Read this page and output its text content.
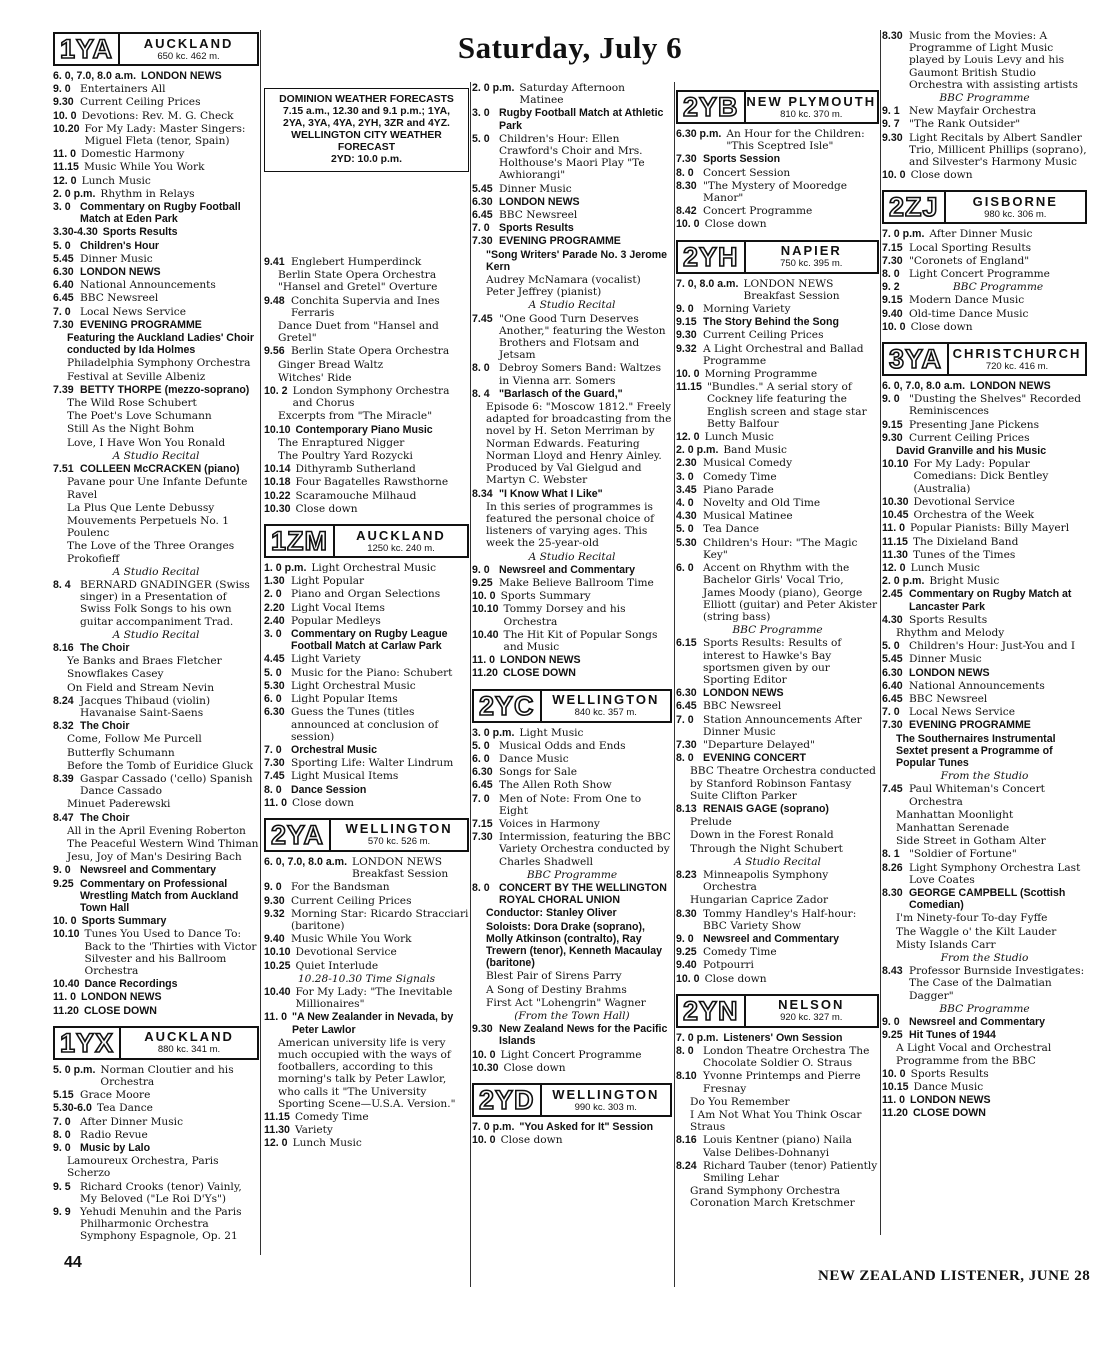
Saturday, July 6
1YA	AUCKLAND
650 kc. 462 m.
6. 0, 7.0, 8.0 a.m. LONDON NEWS
9. 0 Entertainers All
9.30 Current Ceiling Prices
10. 0 Devotions: Rev. M. G. Check
10.20 For My Lady: Master Singers: Miguel Fleta (tenor, Spain)
11. 0 Domestic Harmony
11.15 Music While You Work
12. 0 Lunch Music
2. 0 p.m. Rhythm in Relays
3. 0 Commentary on Rugby Football Match at Eden Park
3.30-4.30 Sports Results
5. 0 Children's Hour
5.45 Dinner Music
6.30 LONDON NEWS
6.40 National Announcements
6.45 BBC Newsreel
7. 0 Local News Service
7.30 EVENING PROGRAMME
Featuring the Auckland Ladies' Choir conducted by Ida Holmes
Philadelphia Symphony Orchestra
Festival at Seville Albeniz
7.39 BETTY THORPE (mezzo-soprano)
The Wild Rose Schubert
The Poet's Love Schumann
Still As the Night Bohm
Love, I Have Won You Ronald
A Studio Recital
7.51 COLLEEN McCRACKEN (piano)
Pavane pour Une Infante Defunte Ravel
La Plus Que Lente Debussy
Mouvements Perpetuels No. 1 Poulenc
The Love of the Three Oranges Prokofieff
A Studio Recital
8. 4 BERNARD GNADINGER (Swiss singer) in a Presentation of Swiss Folk Songs to his own guitar accompaniment Trad.
A Studio Recital
8.16 The Choir
Ye Banks and Braes Fletcher
Snowflakes Casey
On Field and Stream Nevin
8.24 Jacques Thibaud (violin) Havanaise Saint-Saens
8.32 The Choir
Come, Follow Me Purcell
Butterfly Schumann
Before the Tomb of Euridice Gluck
8.39 Gaspar Cassado ('cello) Spanish Dance Cassado
Minuet Paderewski
8.47 The Choir
All in the April Evening Roberton
The Peaceful Western Wind Thiman
Jesu, Joy of Man's Desiring Bach
9. 0 Newsreel and Commentary
9.25 Commentary on Professional Wrestling Match from Auckland Town Hall
10. 0 Sports Summary
10.10 Tunes You Used to Dance To: Back to the 'Thirties with Victor Silvester and his Ballroom Orchestra
10.40 Dance Recordings
11. 0 LONDON NEWS
11.20 CLOSE DOWN
1YX	AUCKLAND
880 kc. 341 m.
5. 0 p.m. Norman Cloutier and his Orchestra
5.15 Grace Moore
5.30-6.0 Tea Dance
7. 0 After Dinner Music
8. 0 Radio Revue
9. 0 Music by Lalo
Lamoureux Orchestra, Paris Scherzo
9. 5 Richard Crooks (tenor) Vainly, My Beloved ("Le Roi D'Ys")
9. 9 Yehudi Menuhin and the Paris Philharmonic Orchestra Symphony Espagnole, Op. 21
DOMINION WEATHER FORECASTS
7.15 a.m., 12.30 and 9.1 p.m.; 1YA, 2YA, 3YA, 4YA, 2YH, 3ZR and 4YZ.
WELLINGTON CITY WEATHER FORECAST
2YD: 10.0 p.m.
9.41 Englebert Humperdinck
Berlin State Opera Orchestra "Hansel and Gretel" Overture
9.48 Conchita Supervia and Ines Ferraris
Dance Duet from "Hansel and Gretel"
9.56 Berlin State Opera Orchestra
Ginger Bread Waltz
Witches' Ride
10. 2 London Symphony Orchestra and Chorus
Excerpts from "The Miracle"
10.10 Contemporary Piano Music
The Enraptured Nigger
The Poultry Yard Rozycki
10.14 Dithyramb Sutherland
10.18 Four Bagatelles Rawsthorne
10.22 Scaramouche Milhaud
10.30 Close down
1ZM	AUCKLAND
1250 kc. 240 m.
1. 0 p.m. Light Orchestral Music
1.30 Light Popular
2. 0 Piano and Organ Selections
2.20 Light Vocal Items
2.40 Popular Medleys
3. 0 Commentary on Rugby League Football Match at Carlaw Park
4.45 Light Variety
5. 0 Music for the Piano: Schubert
5.30 Light Orchestral Music
6. 0 Light Popular Items
6.30 Guess the Tunes (titles announced at conclusion of session)
7. 0 Orchestral Music
7.30 Sporting Life: Walter Lindrum
7.45 Light Musical Items
8. 0 Dance Session
11. 0 Close down
2YA	WELLINGTON
570 kc. 526 m.
6. 0, 7.0, 8.0 a.m. LONDON NEWS Breakfast Session
9. 0 For the Bandsman
9.30 Current Ceiling Prices
9.32 Morning Star: Ricardo Stracciari (baritone)
9.40 Music While You Work
10.10 Devotional Service
10.25 Quiet Interlude
10.28-10.30 Time Signals
10.40 For My Lady: "The Inevitable Millionaires"
11. 0 "A New Zealander in Nevada, by Peter Lawlor
American university life is very much occupied with the ways of footballers, according to this morning's talk by Peter Lawlor, who calls it "The University Sporting Scene—U.S.A. Version."
11.15 Comedy Time
11.30 Variety
12. 0 Lunch Music
2. 0 p.m. Saturday Afternoon Matinee
3. 0 Rugby Football Match at Athletic Park
5. 0 Children's Hour: Ellen Crawford's Choir and Mrs. Holthouse's Maori Play "Te Awhiorangi"
5.45 Dinner Music
6.30 LONDON NEWS
6.45 BBC Newsreel
7. 0 Sports Results
7.30 EVENING PROGRAMME
"Song Writers' Parade No. 3 Jerome Kern
Audrey McNamara (vocalist) Peter Jeffrey (pianist)
A Studio Recital
7.45 "One Good Turn Deserves Another," featuring the Weston Brothers and Flotsam and Jetsam
8. 0 Debroy Somers Band: Waltzes in Vienna arr. Somers
8. 4 "Barlasch of the Guard,"
Episode 6: "Moscow 1812." Freely adapted for broadcasting from the novel by H. Seton Merriman by Norman Edwards. Featuring Norman Lloyd and Henry Ainley. Produced by Val Gielgud and Martyn C. Webster
8.34 "I Know What I Like"
In this series of programmes is featured the personal choice of listeners of varying ages. This week the 25-year-old
A Studio Recital
9. 0 Newsreel and Commentary
9.25 Make Believe Ballroom Time
10. 0 Sports Summary
10.10 Tommy Dorsey and his Orchestra
10.40 The Hit Kit of Popular Songs and Music
11. 0 LONDON NEWS
11.20 CLOSE DOWN
2YC	WELLINGTON
840 kc. 357 m.
3. 0 p.m. Light Music
5. 0 Musical Odds and Ends
6. 0 Dance Music
6.30 Songs for Sale
6.45 The Allen Roth Show
7. 0 Men of Note: From One to Eight
7.15 Voices in Harmony
7.30 Intermission, featuring the BBC Variety Orchestra conducted by Charles Shadwell
BBC Programme
8. 0 CONCERT BY THE WELLINGTON ROYAL CHORAL UNION
Conductor: Stanley Oliver
Soloists: Dora Drake (soprano), Molly Atkinson (contralto), Ray Trewern (tenor), Kenneth Macaulay (baritone)
Blest Pair of Sirens Parry
A Song of Destiny Brahms
First Act "Lohengrin" Wagner
(From the Town Hall)
9.30 New Zealand News for the Pacific Islands
10. 0 Light Concert Programme
10.30 Close down
2YD	WELLINGTON
990 kc. 303 m.
7. 0 p.m. "You Asked for It" Session
10. 0 Close down
2YB NEW PLYMOUTH
810 kc. 370 m.
6.30 p.m. An Hour for the Children: "This Sceptred Isle"
7.30 Sports Session
8. 0 Concert Session
8.30 "The Mystery of Mooredge Manor"
8.42 Concert Programme
10. 0 Close down
2YH	NAPIER
750 kc. 395 m.
7. 0, 8.0 a.m. LONDON NEWS Breakfast Session
9. 0 Morning Variety
9.15 The Story Behind the Song
9.30 Current Ceiling Prices
9.32 A Light Orchestral and Ballad Programme
10. 0 Morning Programme
11.15 "Bundles." A serial story of Cockney life featuring the English screen and stage star Betty Balfour
12. 0 Lunch Music
2. 0 p.m. Band Music
2.30 Musical Comedy
3. 0 Comedy Time
3.45 Piano Parade
4. 0 Novelty and Old Time
4.30 Musical Matinee
5. 0 Tea Dance
5.30 Children's Hour: "The Magic Key"
6. 0 Accent on Rhythm with the Bachelor Girls' Vocal Trio, James Moody (piano), George Elliott (guitar) and Peter Akister (string bass)
BBC Programme
6.15 Sports Results: Results of interest to Hawke's Bay sportsmen given by our Sporting Editor
6.30 LONDON NEWS
6.45 BBC Newsreel
7. 0 Station Announcements After Dinner Music
7.30 "Departure Delayed"
8. 0 EVENING CONCERT
BBC Theatre Orchestra conducted by Stanford Robinson Fantasy Suite Clifton Parker
8.13 RENAIS GAGE (soprano)
Prelude
Down in the Forest Ronald
Through the Night Schubert
A Studio Recital
8.23 Minneapolis Symphony Orchestra
Hungarian Caprice Zador
8.30 Tommy Handley's Half-hour: BBC Variety Show
9. 0 Newsreel and Commentary
9.25 Comedy Time
9.40 Potpourri
10. 0 Close down
2YN	NELSON
920 kc. 327 m.
7. 0 p.m. Listeners' Own Session
8. 0 London Theatre Orchestra The Chocolate Soldier O. Straus
8.10 Yvonne Printemps and Pierre Fresnay
Do You Remember
I Am Not What You Think Oscar Straus
8.16 Louis Kentner (piano) Naila Valse Delibes-Dohnanyi
8.24 Richard Tauber (tenor) Patiently Smiling Lehar
Grand Symphony Orchestra Coronation March Kretschmer
8.30 Music from the Movies: A Programme of Light Music played by Louis Levy and his Gaumont British Studio Orchestra with assisting artists
BBC Programme
9. 1 New Mayfair Orchestra
9. 7 "The Rank Outsider"
9.30 Light Recitals by Albert Sandler Trio, Millicent Phillips (soprano), and Silvester's Harmony Music
10. 0 Close down
2ZJ	GISBORNE
980 kc. 306 m.
7. 0 p.m. After Dinner Music
7.15 Local Sporting Results
7.30 "Coronets of England"
8. 0 Light Concert Programme
9. 2	BBC Programme
9.15 Modern Dance Music
9.40 Old-time Dance Music
10. 0 Close down
3YA CHRISTCHURCH
720 kc. 416 m.
6. 0, 7.0, 8.0 a.m. LONDON NEWS
9. 0 "Dusting the Shelves" Recorded Reminiscences
9.15 Presenting Jane Pickens
9.30 Current Ceiling Prices
David Granville and his Music
10.10 For My Lady: Popular Comedians: Dick Bentley (Australia)
10.30 Devotional Service
10.45 Orchestra of the Week
11. 0 Popular Pianists: Billy Mayerl
11.15 The Dixieland Band
11.30 Tunes of the Times
12. 0 Lunch Music
2. 0 p.m. Bright Music
2.45 Commentary on Rugby Match at Lancaster Park
4.30 Sports Results
Rhythm and Melody
5. 0 Children's Hour: Just-You and I
5.45 Dinner Music
6.30 LONDON NEWS
6.40 National Announcements
6.45 BBC Newsreel
7. 0 Local News Service
7.30 EVENING PROGRAMME
The Southernaires Instrumental Sextet present a Programme of Popular Tunes
From the Studio
7.45 Paul Whiteman's Concert Orchestra
Manhattan Moonlight
Manhattan Serenade
Side Street in Gotham Alter
8. 1 "Soldier of Fortune"
8.26 Light Symphony Orchestra Last Love Coates
8.30 GEORGE CAMPBELL (Scottish Comedian)
I'm Ninety-four To-day Fyffe
The Waggle o' the Kilt Lauder
Misty Islands Carr
From the Studio
8.43 Professor Burnside Investigates: The Case of the Dalmatian Dagger"
BBC Programme
9. 0 Newsreel and Commentary
9.25 Hit Tunes of 1944
A Light Vocal and Orchestral Programme from the BBC
10. 0 Sports Results
10.15 Dance Music
11. 0 LONDON NEWS
11.20 CLOSE DOWN
44
NEW ZEALAND LISTENER, JUNE 28
